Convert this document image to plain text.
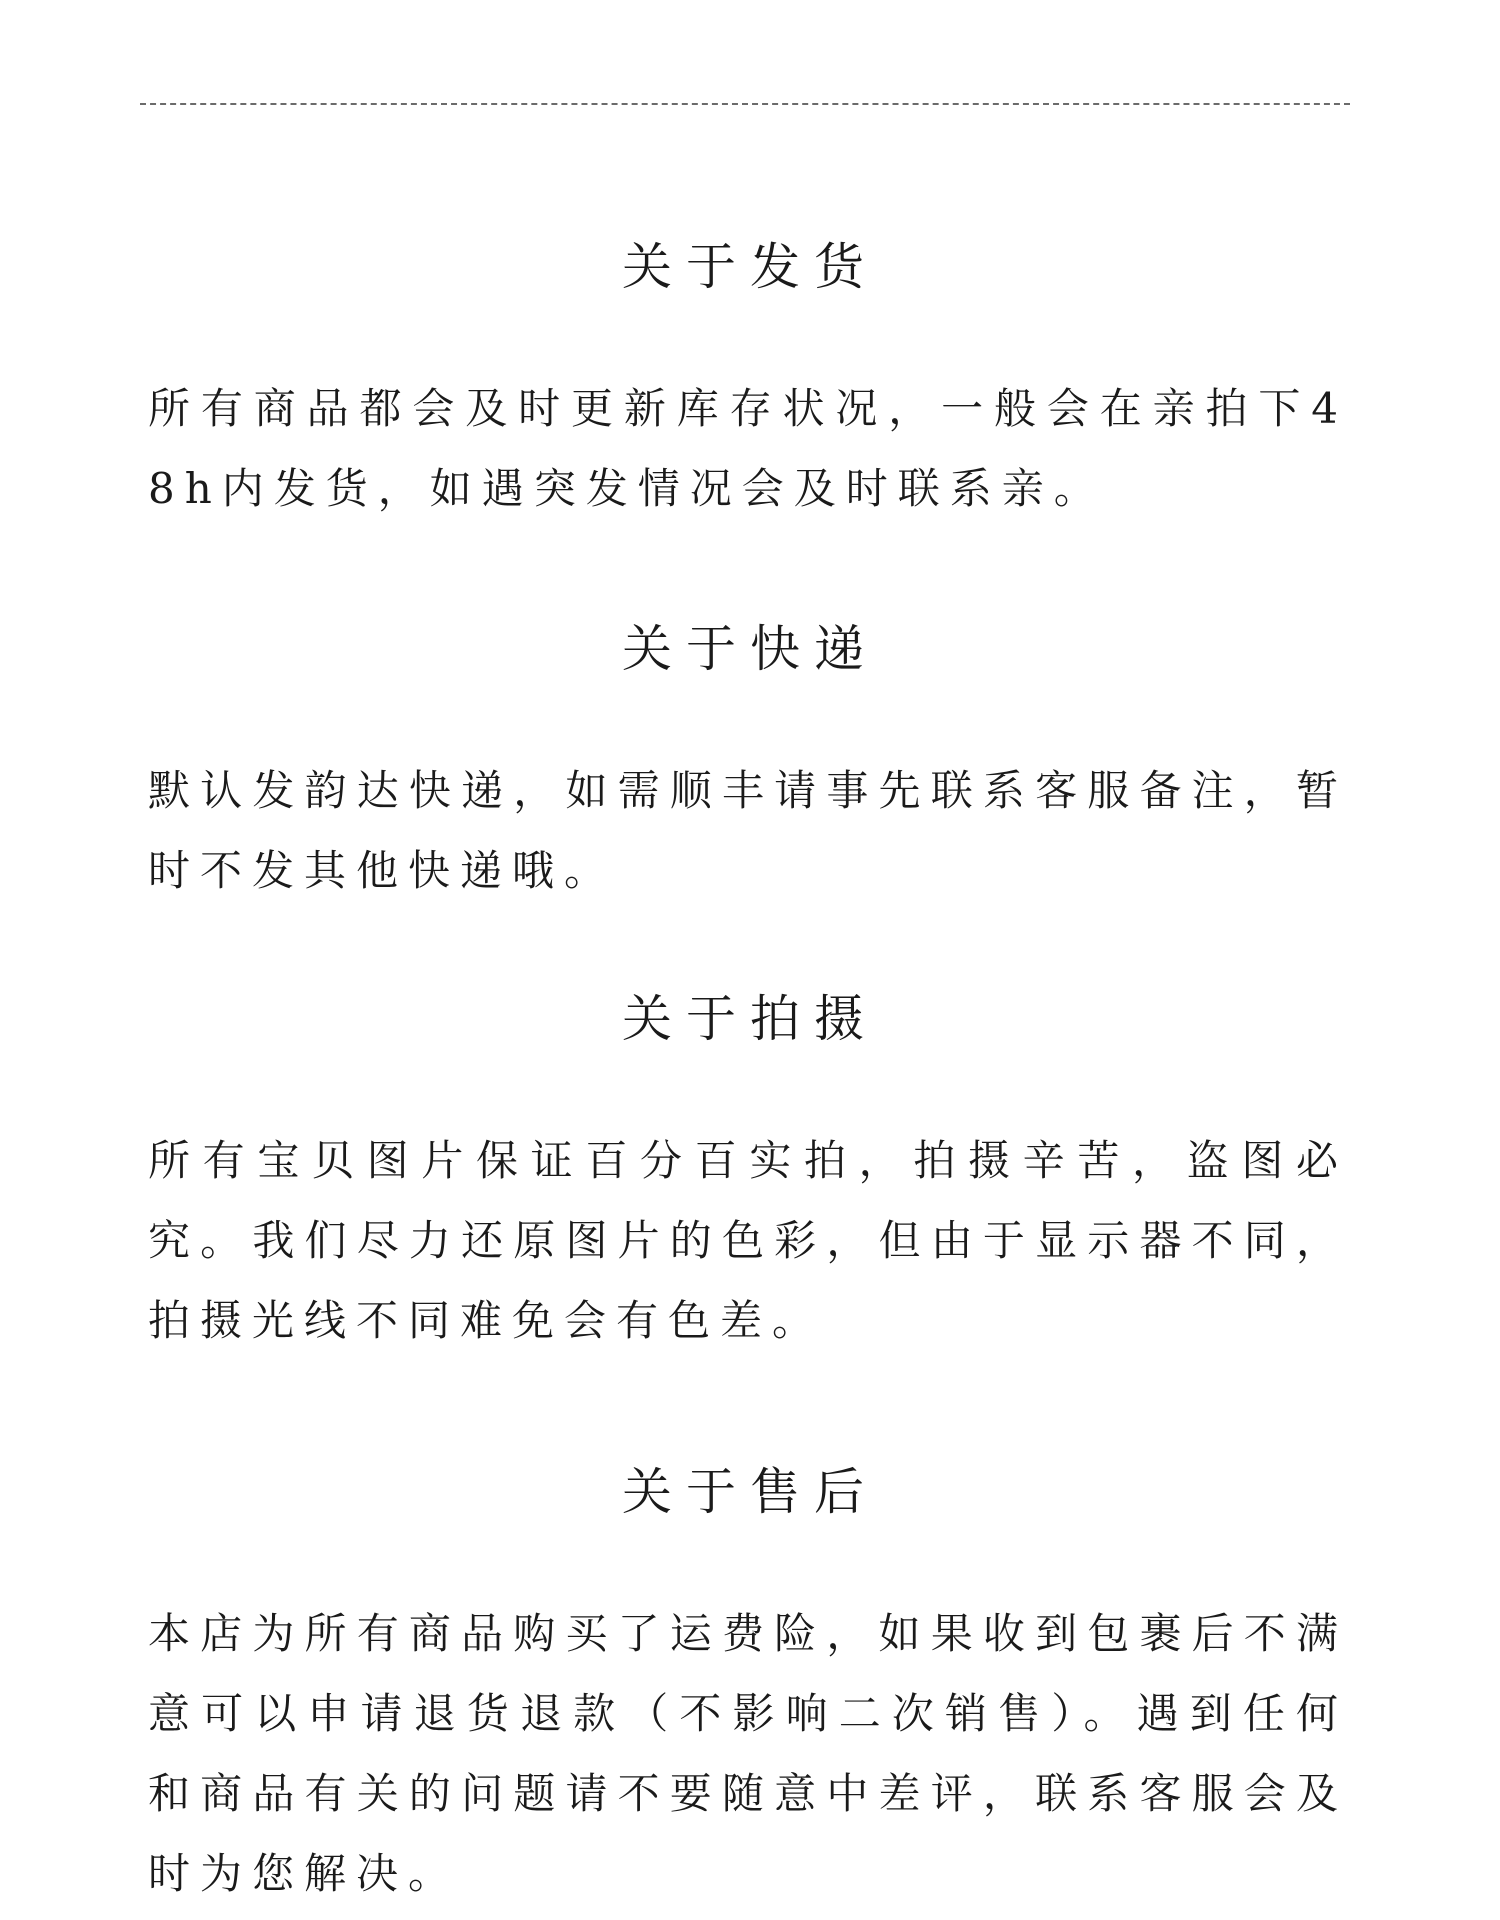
关于发货
所有商品都会及时更新库存状况，一般会在亲拍下48h内发货，如遇突发情况会及时联系亲。
关于快递
默认发韵达快递，如需顺丰请事先联系客服备注，暂时不发其他快递哦。
关于拍摄
所有宝贝图片保证百分百实拍，拍摄辛苦，盗图必究。我们尽力还原图片的色彩，但由于显示器不同，拍摄光线不同难免会有色差。
关于售后
本店为所有商品购买了运费险，如果收到包裹后不满意可以申请退货退款（不影响二次销售）。遇到任何和商品有关的问题请不要随意中差评，联系客服会及时为您解决。
